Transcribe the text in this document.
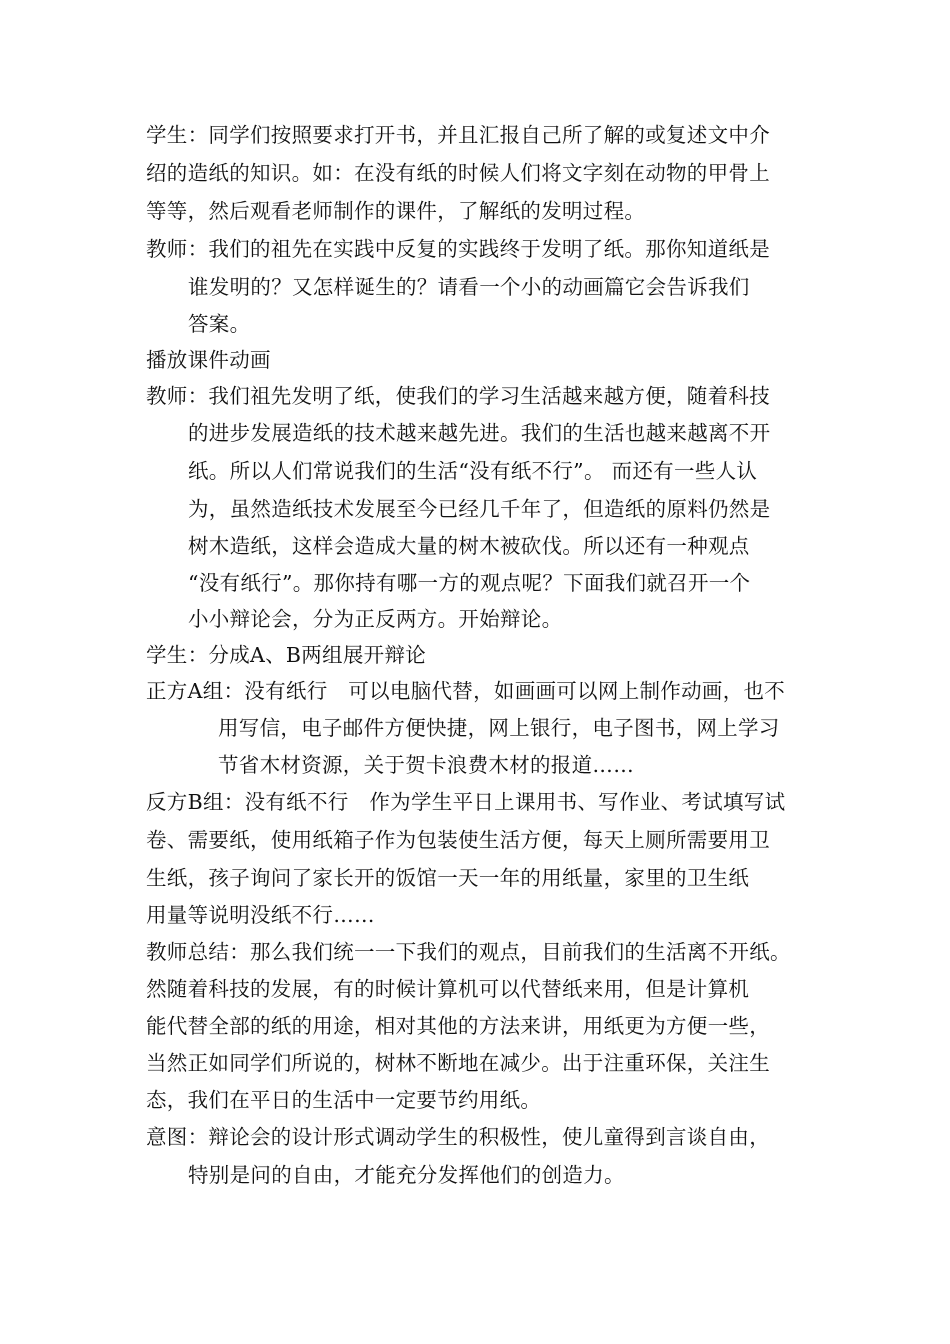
学生：同学们按照要求打开书，并且汇报自己所了解的或复述文中介
绍的造纸的知识。如：在没有纸的时候人们将文字刻在动物的甲骨上
等等，然后观看老师制作的课件，了解纸的发明过程。
教师：我们的祖先在实践中反复的实践终于发明了纸。那你知道纸是
谁发明的？又怎样诞生的？请看一个小的动画篇它会告诉我们
答案。
播放课件动画
教师：我们祖先发明了纸，使我们的学习生活越来越方便，随着科技
的进步发展造纸的技术越来越先进。我们的生活也越来越离不开
纸。所以人们常说我们的生活“没有纸不行”。 而还有一些人认
为，虽然造纸技术发展至今已经几千年了，但造纸的原料仍然是
树木造纸，这样会造成大量的树木被砍伐。所以还有一种观点
“没有纸行”。那你持有哪一方的观点呢？下面我们就召开一个
小小辩论会，分为正反两方。开始辩论。
学生：分成A、B两组展开辩论
正方A组：没有纸行　可以电脑代替，如画画可以网上制作动画，也不
用写信，电子邮件方便快捷，网上银行，电子图书，网上学习
节省木材资源，关于贺卡浪费木材的报道……
反方B组：没有纸不行　作为学生平日上课用书、写作业、考试填写试
卷、需要纸，使用纸箱子作为包装使生活方便，每天上厕所需要用卫
生纸，孩子询问了家长开的饭馆一天一年的用纸量，家里的卫生纸
用量等说明没纸不行……
教师总结：那么我们统一一下我们的观点，目前我们的生活离不开纸。
然随着科技的发展，有的时候计算机可以代替纸来用，但是计算机
能代替全部的纸的用途，相对其他的方法来讲，用纸更为方便一些，
当然正如同学们所说的，树林不断地在减少。出于注重环保，关注生
态，我们在平日的生活中一定要节约用纸。
意图：辩论会的设计形式调动学生的积极性，使儿童得到言谈自由，
特别是问的自由，才能充分发挥他们的创造力。
